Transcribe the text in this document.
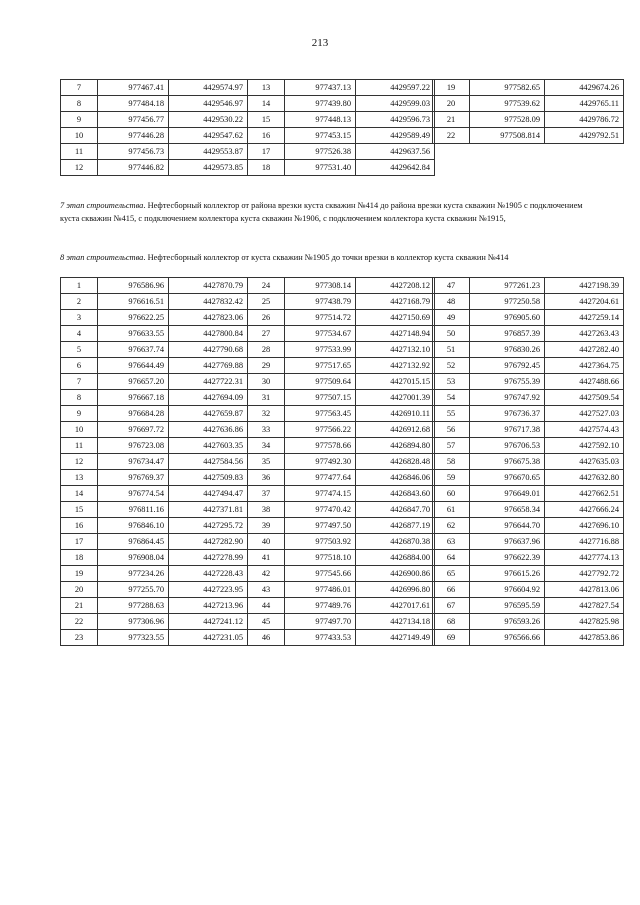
213
7	977467.41	4429574.97
8	977484.18	4429546.97
9	977456.77	4429530.22
10	977446.28	4429547.62
11	977456.73	4429553.87
12	977446.82	4429573.85
13	977437.13	4429597.22
14	977439.80	4429599.03
15	977448.13	4429596.73
16	977453.15	4429589.49
17	977526.38	4429637.56
18	977531.40	4429642.84
19	977582.65	4429674.26
20	977539.62	4429765.11
21	977528.09	4429786.72
22	977508.814	4429792.51
7 этап строительства. Нефтесборный коллектор от района врезки куста скважин №414 до района врезки куста скважин №1905 с подключением куста скважин №415, с подключением коллектора куста скважин №1906, с подключением коллектора куста скважин №1915,
8 этап строительства. Нефтесборный коллектор от куста скважин №1905 до точки врезки в коллектор куста скважин №414
1	976586.96	4427870.79
2	976616.51	4427832.42
3	976622.25	4427823.06
4	976633.55	4427800.84
5	976637.74	4427790.68
6	976644.49	4427769.88
7	976657.20	4427722.31
8	976667.18	4427694.09
9	976684.28	4427659.87
10	976697.72	4427636.86
11	976723.08	4427603.35
12	976734.47	4427584.56
13	976769.37	4427509.83
14	976774.54	4427494.47
15	976811.16	4427371.81
16	976846.10	4427295.72
17	976864.45	4427282.90
18	976908.04	4427278.99
19	977234.26	4427228.43
20	977255.70	4427223.95
21	977288.63	4427213.96
22	977306.96	4427241.12
23	977323.55	4427231.05
24	977308.14	4427208.12
25	977438.79	4427168.79
26	977514.72	4427150.69
27	977534.67	4427148.94
28	977533.99	4427132.10
29	977517.65	4427132.92
30	977509.64	4427015.15
31	977507.15	4427001.39
32	977563.45	4426910.11
33	977566.22	4426912.68
34	977578.66	4426894.80
35	977492.30	4426828.48
36	977477.64	4426846.06
37	977474.15	4426843.60
38	977470.42	4426847.70
39	977497.50	4426877.19
40	977503.92	4426870.38
41	977518.10	4426884.00
42	977545.66	4426900.86
43	977486.01	4426996.80
44	977489.76	4427017.61
45	977497.70	4427134.18
46	977433.53	4427149.49
47	977261.23	4427198.39
48	977250.58	4427204.61
49	976905.60	4427259.14
50	976857.39	4427263.43
51	976830.26	4427282.40
52	976792.45	4427364.75
53	976755.39	4427488.66
54	976747.92	4427509.54
55	976736.37	4427527.03
56	976717.38	4427574.43
57	976706.53	4427592.10
58	976675.38	4427635.03
59	976670.65	4427632.80
60	976649.01	4427662.51
61	976658.34	4427666.24
62	976644.70	4427696.10
63	976637.96	4427716.88
64	976622.39	4427774.13
65	976615.26	4427792.72
66	976604.92	4427813.06
67	976595.59	4427827.54
68	976593.26	4427825.98
69	976566.66	4427853.86
